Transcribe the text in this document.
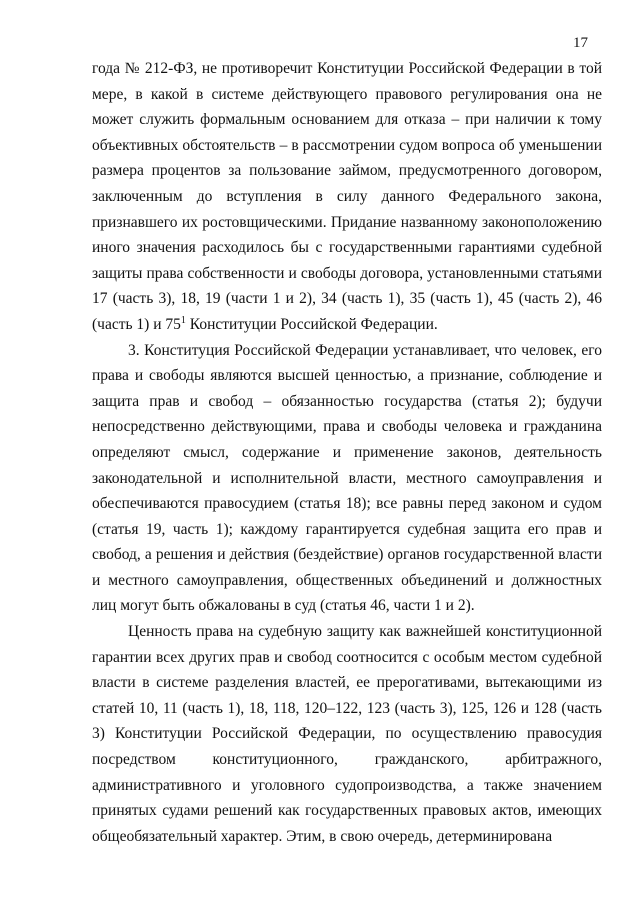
17

года № 212-ФЗ, не противоречит Конституции Российской Федерации в той мере, в какой в системе действующего правового регулирования она не может служить формальным основанием для отказа – при наличии к тому объективных обстоятельств – в рассмотрении судом вопроса об уменьшении размера процентов за пользование займом, предусмотренного договором, заключенным до вступления в силу данного Федерального закона, признавшего их ростовщическими. Придание названному законоположению иного значения расходилось бы с государственными гарантиями судебной защиты права собственности и свободы договора, установленными статьями 17 (часть 3), 18, 19 (части 1 и 2), 34 (часть 1), 35 (часть 1), 45 (часть 2), 46 (часть 1) и $75^1$ Конституции Российской Федерации.

3. Конституция Российской Федерации устанавливает, что человек, его права и свободы являются высшей ценностью, а признание, соблюдение и защита прав и свобод – обязанностью государства (статья 2); будучи непосредственно действующими, права и свободы человека и гражданина определяют смысл, содержание и применение законов, деятельность законодательной и исполнительной власти, местного самоуправления и обеспечиваются правосудием (статья 18); все равны перед законом и судом (статья 19, часть 1); каждому гарантируется судебная защита его прав и свобод, а решения и действия (бездействие) органов государственной власти и местного самоуправления, общественных объединений и должностных лиц могут быть обжалованы в суд (статья 46, части 1 и 2).

Ценность права на судебную защиту как важнейшей конституционной гарантии всех других прав и свобод соотносится с особым местом судебной власти в системе разделения властей, ее прерогативами, вытекающими из статей 10, 11 (часть 1), 18, 118, 120–122, 123 (часть 3), 125, 126 и 128 (часть 3) Конституции Российской Федерации, по осуществлению правосудия посредством конституционного, гражданского, арбитражного, административного и уголовного судопроизводства, а также значением принятых судами решений как государственных правовых актов, имеющих общеобязательный характер. Этим, в свою очередь, детерминирована
